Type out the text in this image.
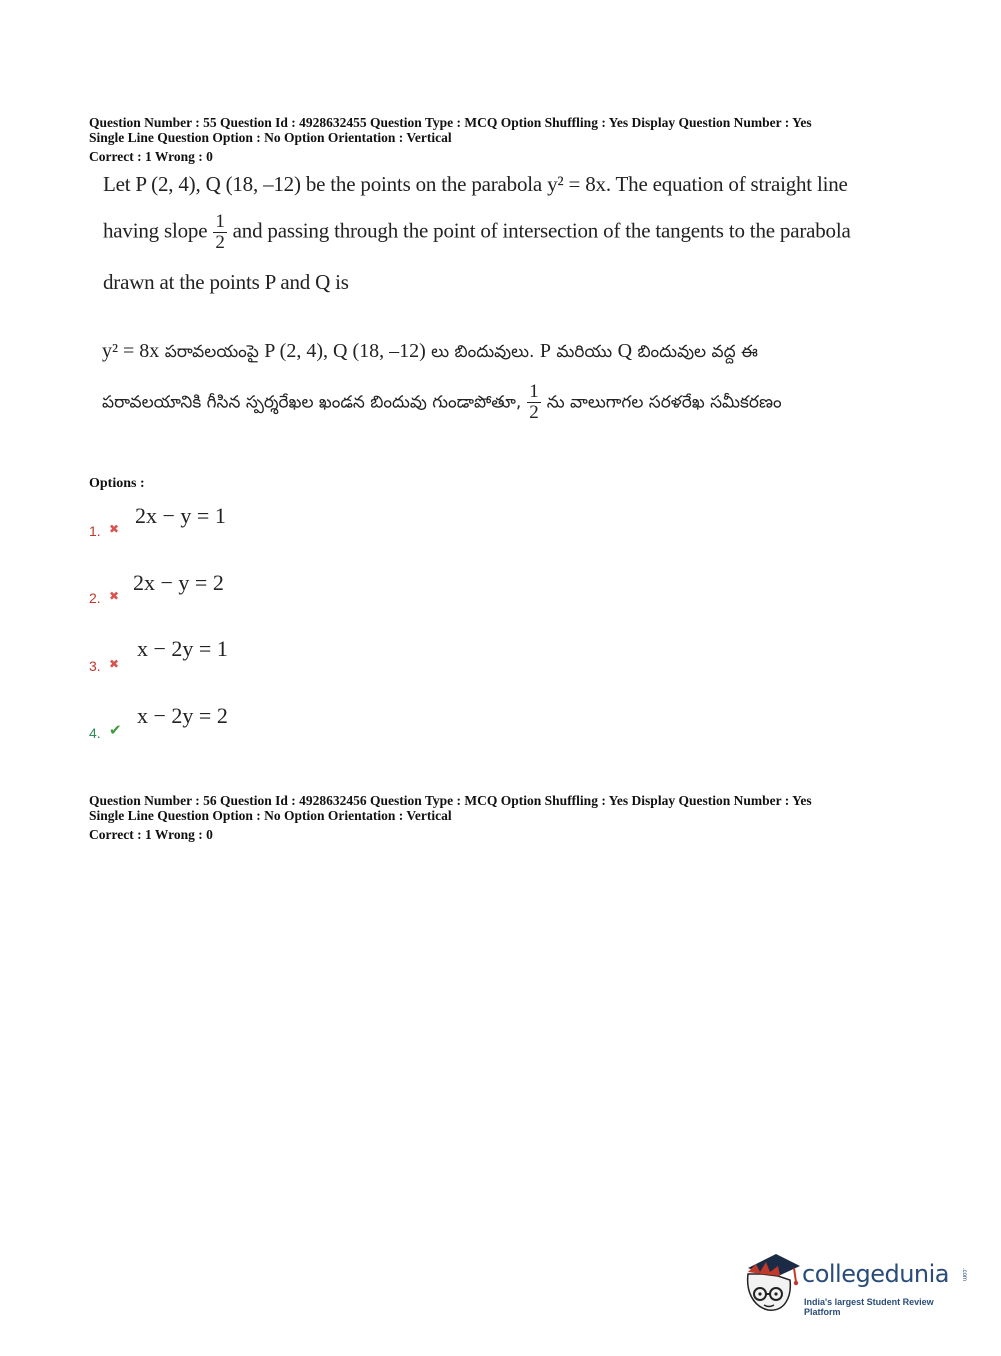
Question Number : 55 Question Id : 4928632455 Question Type : MCQ Option Shuffling : Yes Display Question Number : Yes
Single Line Question Option : No Option Orientation : Vertical
Correct : 1 Wrong : 0
Let P (2, 4), Q (18, –12) be the points on the parabola y² = 8x. The equation of straight line
having slope $\frac{1}{2}$ and passing through the point of intersection of the tangents to the parabola
drawn at the points P and Q is
y² = 8x పరావలయంపై P (2, 4), Q (18, –12) లు బిందువులు. P మరియు Q బిందువుల వద్ద ఈ
పరావలయానికి గీసిన స్పర్శరేఖల ఖండన బిందువు గుండాపోతూ, $\frac{1}{2}$ ను వాలుగాగల సరళరేఖ సమీకరణం
Options :
1. ✖
2x − y = 1
2. ✖
2x − y = 2
3. ✖
x − 2y = 1
4. ✔
x − 2y = 2
Question Number : 56 Question Id : 4928632456 Question Type : MCQ Option Shuffling : Yes Display Question Number : Yes
Single Line Question Option : No Option Orientation : Vertical
Correct : 1 Wrong : 0
collegedunia .com
India's largest Student Review Platform
